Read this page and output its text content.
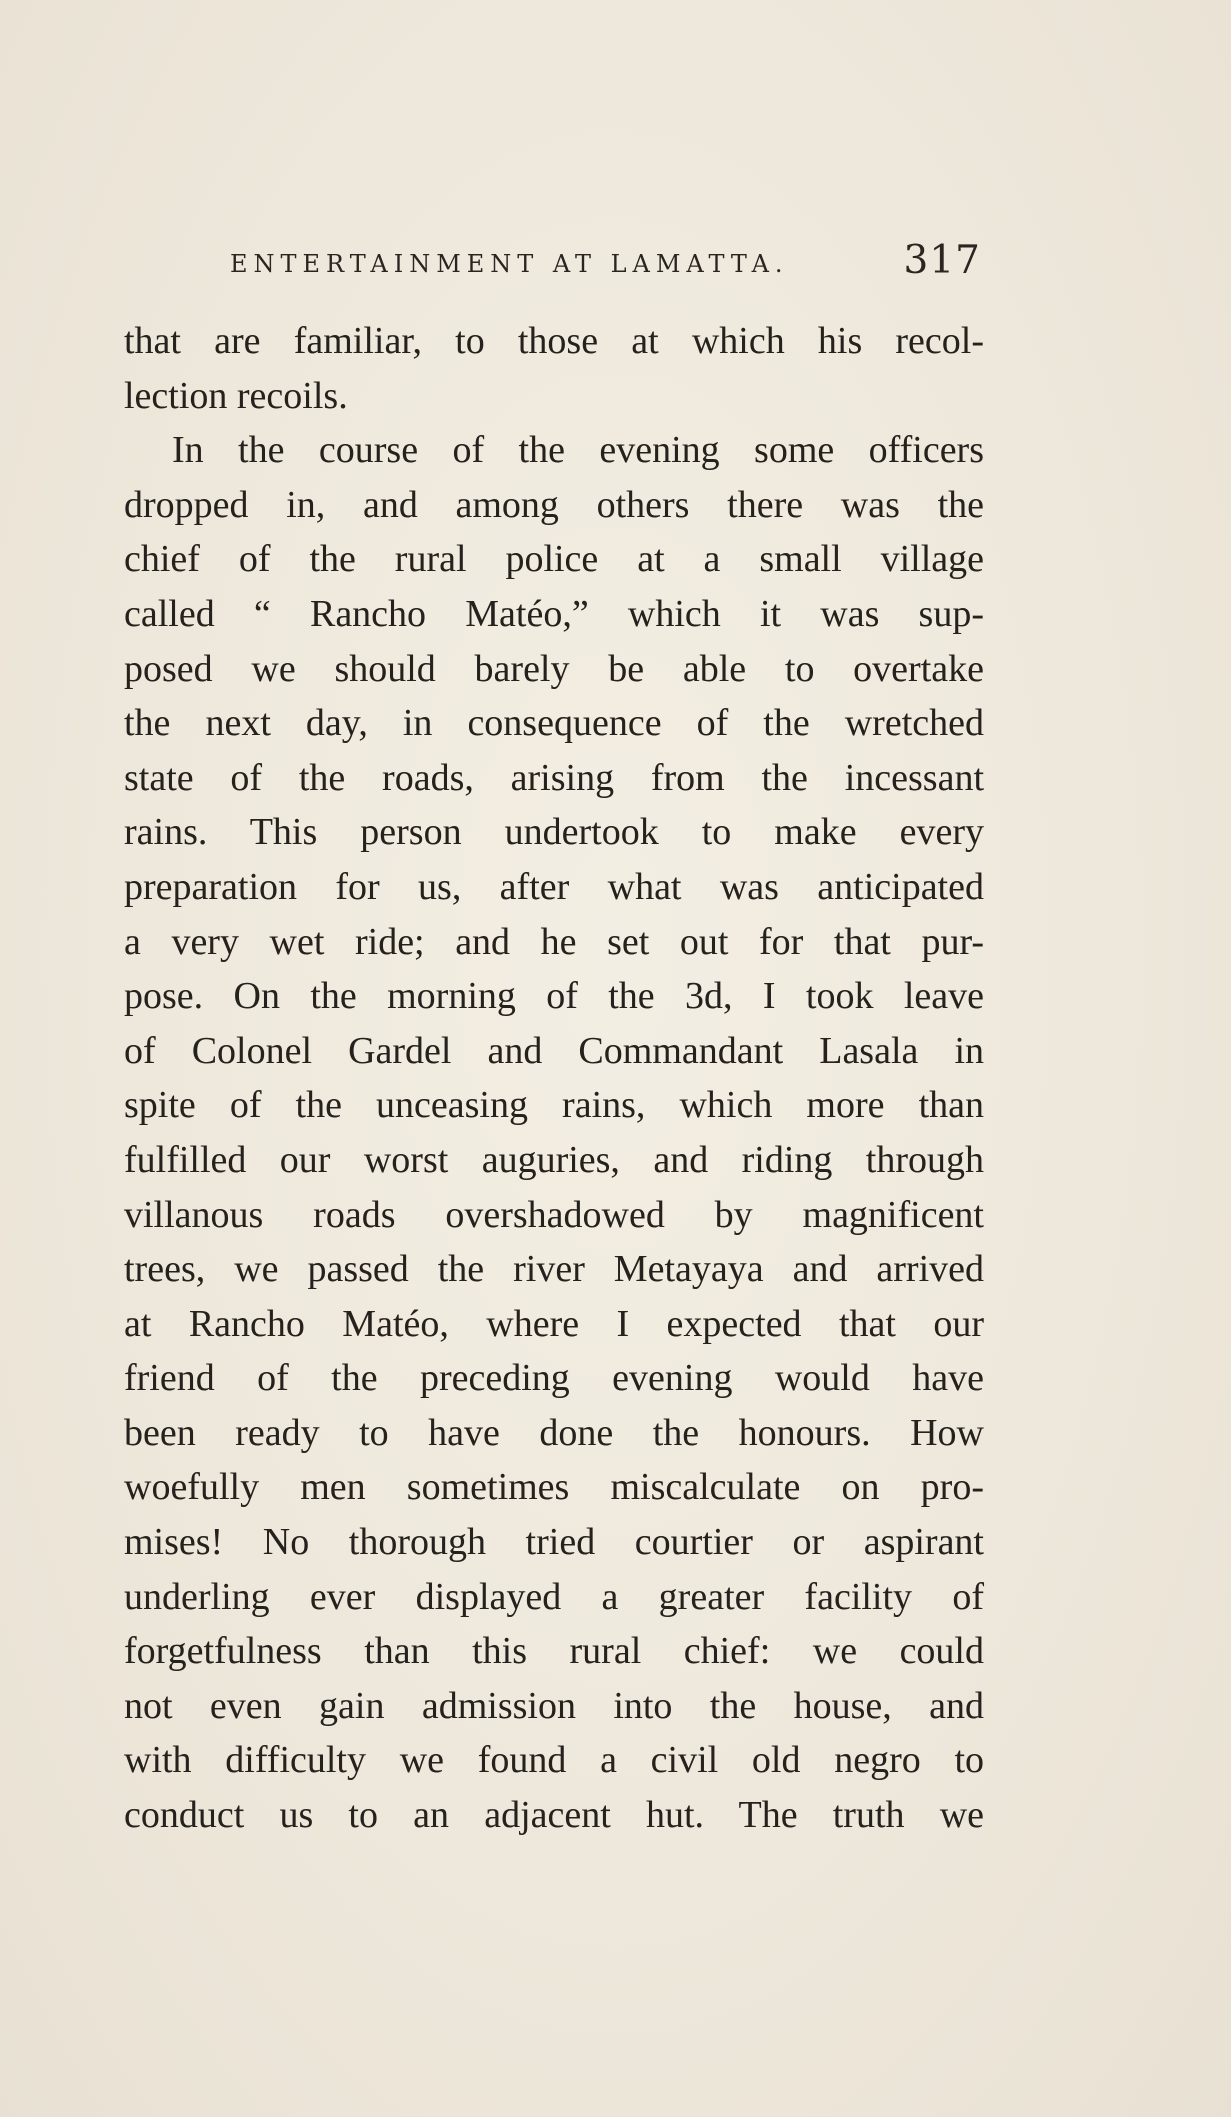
ENTERTAINMENT AT LAMATTA.	317
that are familiar, to those at which his recol-
lection recoils.
In the course of the evening some officers
dropped in, and among others there was the
chief of the rural police at a small village
called “ Rancho Matéo,” which it was sup-
posed we should barely be able to overtake
the next day, in consequence of the wretched
state of the roads, arising from the incessant
rains. This person undertook to make every
preparation for us, after what was anticipated
a very wet ride; and he set out for that pur-
pose. On the morning of the 3d, I took leave
of Colonel Gardel and Commandant Lasala in
spite of the unceasing rains, which more than
fulfilled our worst auguries, and riding through
villanous roads overshadowed by magnificent
trees, we passed the river Metayaya and arrived
at Rancho Matéo, where I expected that our
friend of the preceding evening would have
been ready to have done the honours. How
woefully men sometimes miscalculate on pro-
mises! No thorough tried courtier or aspirant
underling ever displayed a greater facility of
forgetfulness than this rural chief: we could
not even gain admission into the house, and
with difficulty we found a civil old negro to
conduct us to an adjacent hut. The truth we
